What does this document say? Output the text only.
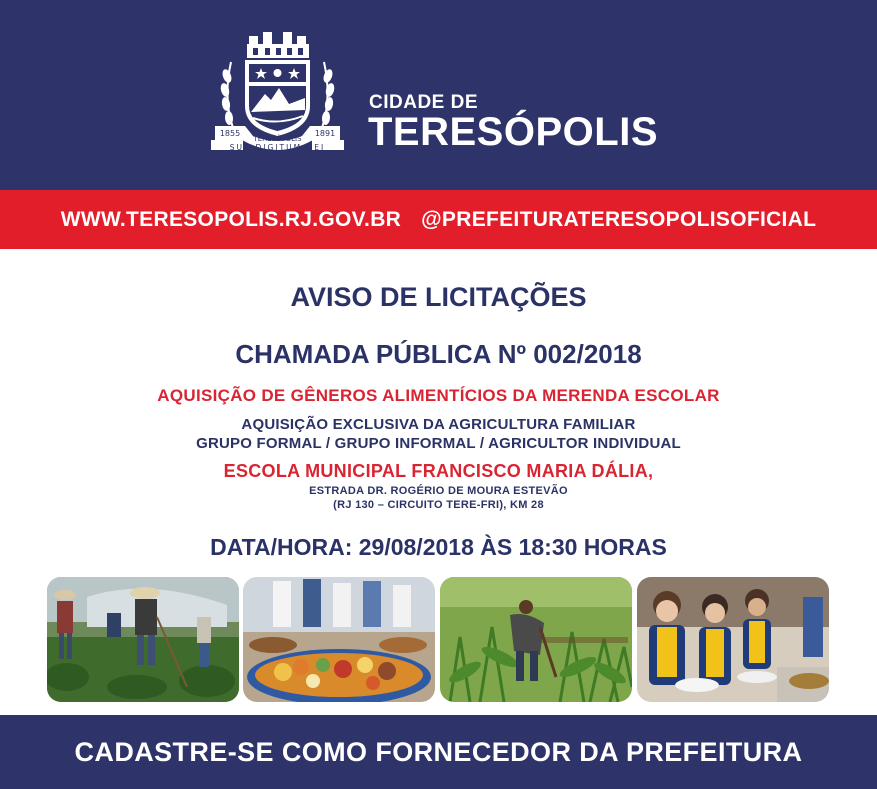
1855	1891
TERESÓPOLIS
SUB DIGITUM DEI
CIDADE DE
TERESÓPOLIS
WWW.TERESOPOLIS.RJ.GOV.BR @PREFEITURATERESOPOLISOFICIAL
AVISO DE LICITAÇÕES
CHAMADA PÚBLICA Nº 002/2018
AQUISIÇÃO DE GÊNEROS ALIMENTÍCIOS DA MERENDA ESCOLAR
AQUISIÇÃO EXCLUSIVA DA AGRICULTURA FAMILIAR
GRUPO FORMAL / GRUPO INFORMAL / AGRICULTOR INDIVIDUAL
ESCOLA MUNICIPAL FRANCISCO MARIA DÁLIA,
ESTRADA DR. ROGÉRIO DE MOURA ESTEVÃO
(RJ 130 – CIRCUITO TERE-FRI), KM 28
DATA/HORA: 29/08/2018 ÀS 18:30 HORAS
CADASTRE-SE COMO FORNECEDOR DA PREFEITURA
